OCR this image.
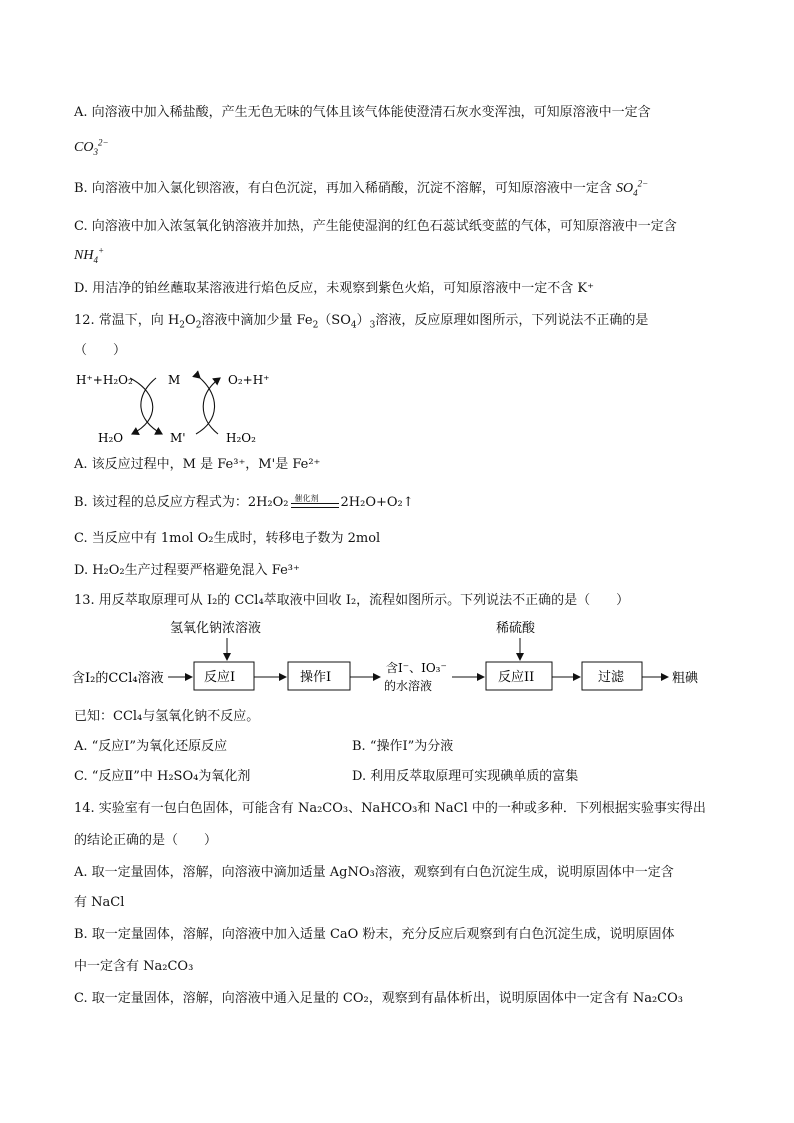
A. 向溶液中加入稀盐酸，产生无色无味的气体且该气体能使澄清石灰水变浑浊，可知原溶液中一定含
$CO_3^{2-}$
B. 向溶液中加入氯化钡溶液，有白色沉淀，再加入稀硝酸，沉淀不溶解，可知原溶液中一定含 $SO_4^{2-}$
C. 向溶液中加入浓氢氧化钠溶液并加热，产生能使湿润的红色石蕊试纸变蓝的气体，可知原溶液中一定含
$NH_4^+$
D. 用洁净的铂丝蘸取某溶液进行焰色反应，未观察到紫色火焰，可知原溶液中一定不含 K⁺
12. 常温下，向 $H_2O_2$溶液中滴加少量 $Fe_2(SO_4)_3$溶液，反应原理如图所示，下列说法不正确的是
（　　）
H⁺+H₂O₂
H₂O
M
M'
O₂+H⁺
H₂O₂
A. 该反应过程中，M 是 Fe³⁺，M'是 Fe²⁺
B. 该过程的总反应方程式为：2H₂O₂ 催化剂 2H₂O+O₂↑
C. 当反应中有 1mol O₂生成时，转移电子数为 2mol
D. H₂O₂生产过程要严格避免混入 Fe³⁺
13. 用反萃取原理可从 I₂的 CCl₄萃取液中回收 I₂，流程如图所示。下列说法不正确的是（　　）
氢氧化钠浓溶液	稀硫酸
含I₂的CCl₄溶液	反应I	操作I
含I⁻、IO₃⁻
的水溶液
反应II	过滤	粗碘
已知：CCl₄与氢氧化钠不反应。
A. “反应Ⅰ”为氧化还原反应	B. “操作Ⅰ”为分液
C. “反应Ⅱ”中 H₂SO₄为氧化剂	D. 利用反萃取原理可实现碘单质的富集
14. 实验室有一包白色固体，可能含有 Na₂CO₃、NaHCO₃和 NaCl 中的一种或多种．下列根据实验事实得出
的结论正确的是（　　）
A. 取一定量固体，溶解，向溶液中滴加适量 AgNO₃溶液，观察到有白色沉淀生成，说明原固体中一定含
有 NaCl
B. 取一定量固体，溶解，向溶液中加入适量 CaO 粉末，充分反应后观察到有白色沉淀生成，说明原固体
中一定含有 Na₂CO₃
C. 取一定量固体，溶解，向溶液中通入足量的 CO₂，观察到有晶体析出，说明原固体中一定含有 Na₂CO₃
